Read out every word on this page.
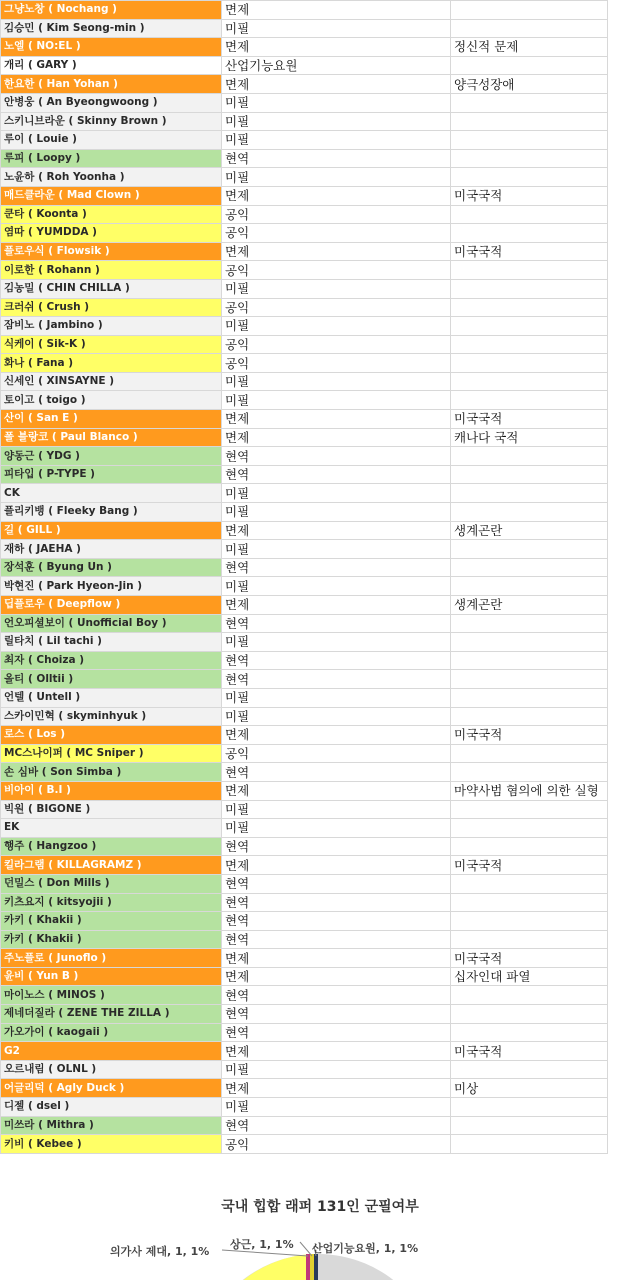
그냥노창 ( Nochang )	면제	
김승민 ( Kim Seong-min )	미필	
노엘 ( NO:EL )	면제	정신적 문제
개리 ( GARY )	산업기능요원	
한요한 ( Han Yohan )	면제	양극성장애
안병웅 ( An Byeongwoong )	미필	
스키니브라운 ( Skinny Brown )	미필	
루이 ( Louie )	미필	
루피 ( Loopy )	현역	
노윤하 ( Roh Yoonha )	미필	
매드클라운 ( Mad Clown )	면제	미국국적
쿤타 ( Koonta )	공익	
염따 ( YUMDDA )	공익	
플로우식 ( Flowsik )	면제	미국국적
이로한 ( Rohann )	공익	
김농밀 ( CHIN CHILLA )	미필	
크러쉬 ( Crush )	공익	
잠비노 ( Jambino )	미필	
식케이 ( Sik-K )	공익	
화나 ( Fana )	공익	
신세인 ( XINSAYNE )	미필	
토이고 ( toigo )	미필	
산이 ( San E )	면제	미국국적
폴 블랑코 ( Paul Blanco )	면제	캐나다 국적
양동근 ( YDG )	현역	
피타입 ( P-TYPE )	현역	
CK	미필	
플리키뱅 ( Fleeky Bang )	미필	
길 ( GILL )	면제	생계곤란
재하 ( JAEHA )	미필	
장석훈 ( Byung Un )	현역	
박현진 ( Park Hyeon-Jin )	미필	
딥플로우 ( Deepflow )	면제	생계곤란
언오피셜보이 ( Unofficial Boy )	현역	
릴타치 ( Lil tachi )	미필	
최자 ( Choiza )	현역	
올티 ( Olltii )	현역	
언텔 ( Untell )	미필	
스카이민혁 ( skyminhyuk )	미필	
로스 ( Los )	면제	미국국적
MC스나이퍼 ( MC Sniper )	공익	
손 심바 ( Son Simba )	현역	
비아이 ( B.I )	면제	마약사범 혐의에 의한 실형
빅원 ( BIGONE )	미필	
EK	미필	
행주 ( Hangzoo )	현역	
킬라그램 ( KILLAGRAMZ )	면제	미국국적
던밀스 ( Don Mills )	현역	
키츠요지 ( kitsyojii )	현역	
카키 ( Khakii )	현역	
카키 ( Khakii )	현역	
주노플로 ( Junoflo )	면제	미국국적
윤비 ( Yun B )	면제	십자인대 파열
마이노스 ( MINOS )	현역	
제네더질라 ( ZENE THE ZILLA )	현역	
가오가이 ( kaogaii )	현역	
G2	면제	미국국적
오르내림 ( OLNL )	미필	
어글리덕 ( Agly Duck )	면제	미상
디젤 ( dsel )	미필	
미쓰라 ( Mithra )	현역	
키비 ( Kebee )	공익	
국내 힙합 래퍼 131인 군필여부
의가사 제대, 1, 1%
상근, 1, 1% 산업기능요원, 1, 1%
